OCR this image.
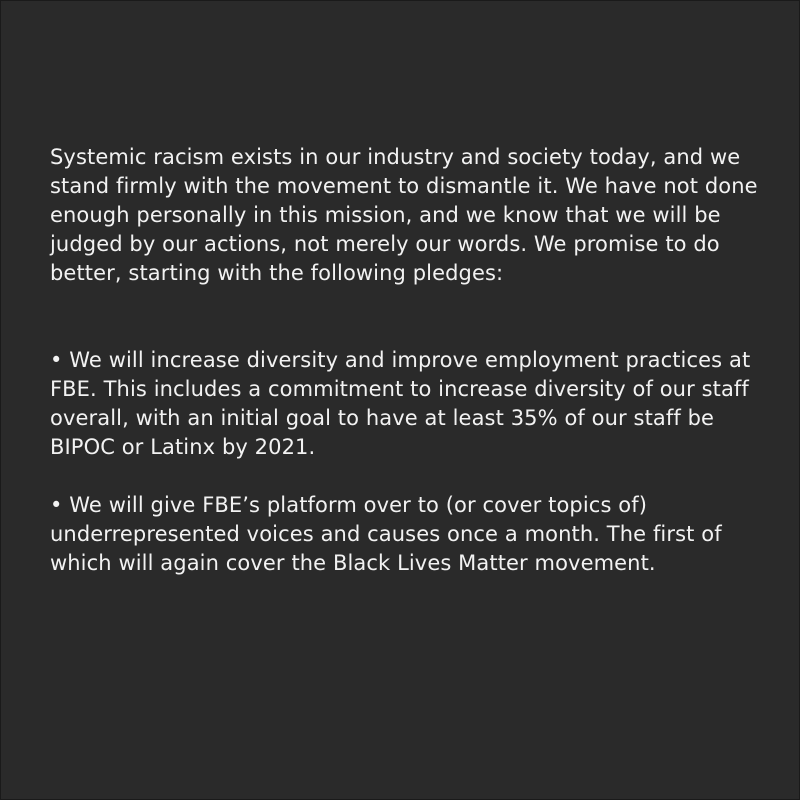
Systemic racism exists in our industry and society today, and we stand firmly with the movement to dismantle it. We have not done enough personally in this mission, and we know that we will be judged by our actions, not merely our words. We promise to do better, starting with the following pledges:

• We will increase diversity and improve employment practices at FBE. This includes a commitment to increase diversity of our staff overall, with an initial goal to have at least 35% of our staff be BIPOC or Latinx by 2021.

• We will give FBE’s platform over to (or cover topics of) underrepresented voices and causes once a month. The first of which will again cover the Black Lives Matter movement.
